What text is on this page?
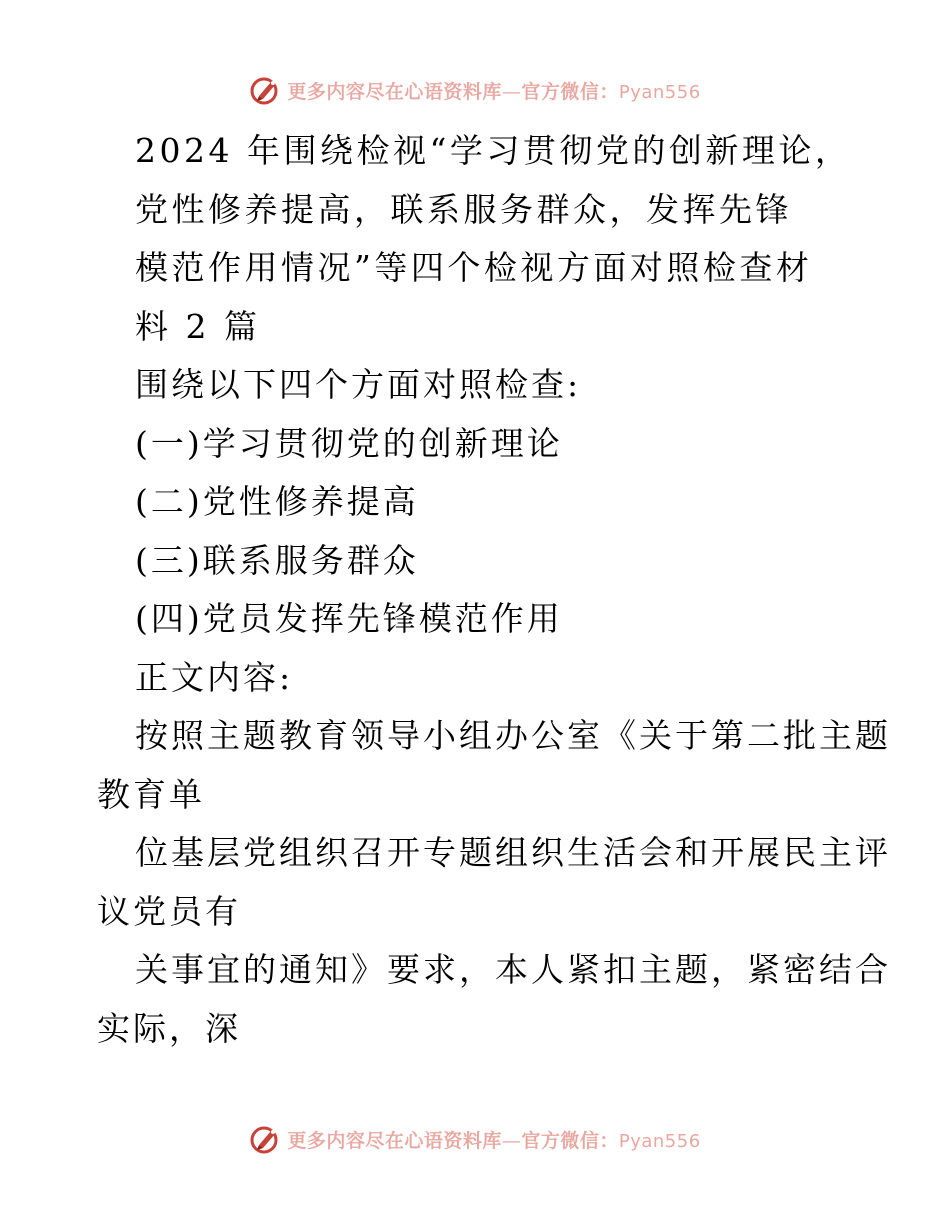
更多内容尽在心语资料库—官方微信：Pyan556
2024 年围绕检视“学习贯彻党的创新理论，
党性修养提高，联系服务群众，发挥先锋
模范作用情况”等四个检视方面对照检查材
料 2 篇
围绕以下四个方面对照检查:
(一)学习贯彻党的创新理论
(二)党性修养提高
(三)联系服务群众
(四)党员发挥先锋模范作用
正文内容:
按照主题教育领导小组办公室《关于第二批主题
教育单
位基层党组织召开专题组织生活会和开展民主评
议党员有
关事宜的通知》要求，本人紧扣主题，紧密结合
实际，深
更多内容尽在心语资料库—官方微信：Pyan556
